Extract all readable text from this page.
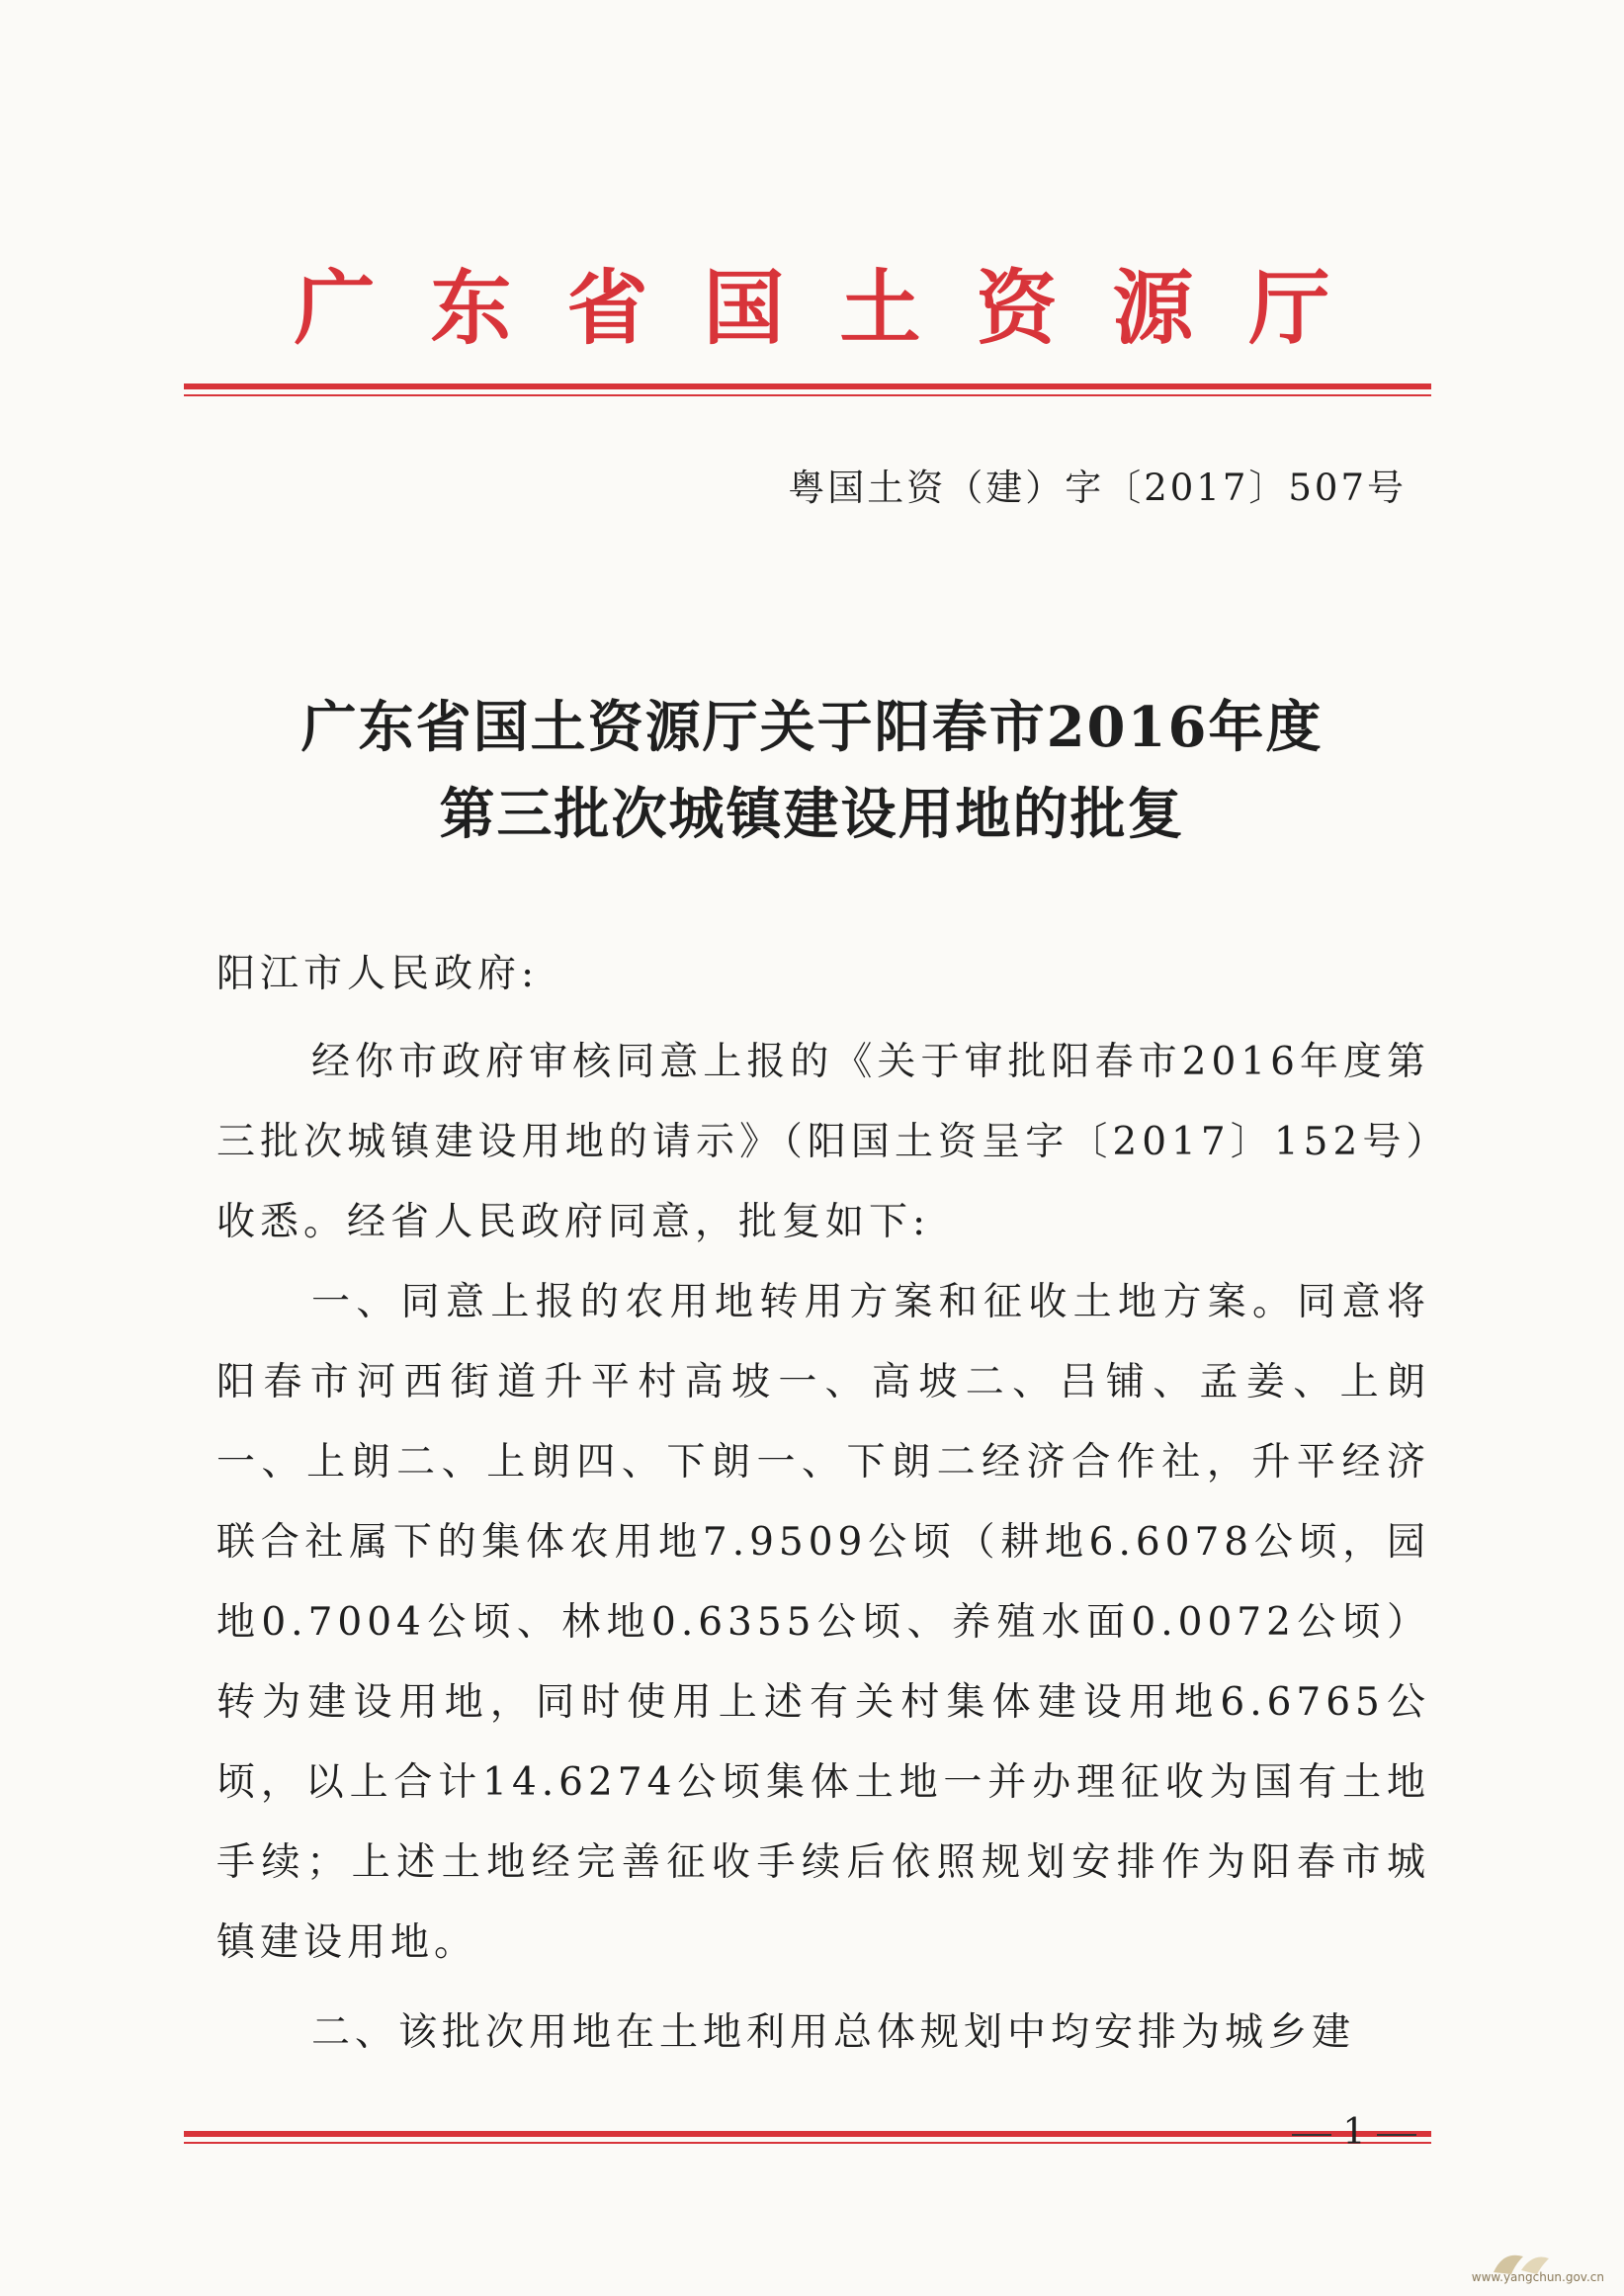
广东省国土资源厅
粤国土资（建）字〔2017〕507号
广东省国土资源厅关于阳春市2016年度
第三批次城镇建设用地的批复

阳江市人民政府:

经你市政府审核同意上报的《关于审批阳春市2016年度第三批次城镇建设用地的请示》（阳国土资呈字〔2017〕152号）收悉。经省人民政府同意，批复如下:

一、同意上报的农用地转用方案和征收土地方案。同意将阳春市河西街道升平村高坡一、高坡二、吕铺、孟姜、上朗一、上朗二、上朗四、下朗一、下朗二经济合作社，升平经济联合社属下的集体农用地7.9509公顷（耕地6.6078公顷，园地0.7004公顷、林地0.6355公顷、养殖水面0.0072公顷）转为建设用地，同时使用上述有关村集体建设用地6.6765公顷，以上合计14.6274公顷集体土地一并办理征收为国有土地手续；上述土地经完善征收手续后依照规划安排作为阳春市城镇建设用地。

二、该批次用地在土地利用总体规划中均安排为城乡建

1
www.yangchun.gov.cn
